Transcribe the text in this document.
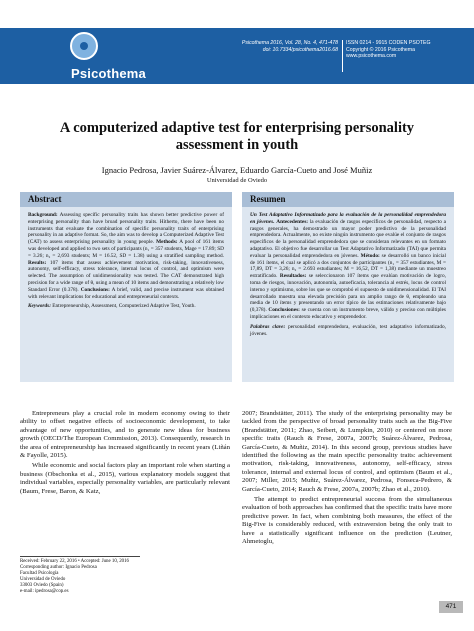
Psicothema
Psicothema 2016, Vol. 28, No. 4, 471-478
doi: 10.7334/psicothema2016.68
ISSN 0214 - 9915 CODEN PSOTEG
Copyright © 2016 Psicothema
www.psicothema.com
A computerized adaptive test for enterprising personality assessment in youth
Ignacio Pedrosa, Javier Suárez-Álvarez, Eduardo García-Cueto and José Muñiz
Universidad de Oviedo
Abstract

Background: Assessing specific personality traits has shown better predictive power of enterprising personality than have broad personality traits. Hitherto, there have been no instruments that evaluate the combination of specific personality traits of enterprising personality in an adaptive format. So, the aim was to develop a Computerized Adaptive Test (CAT) to assess enterprising personality in young people. Methods: A pool of 161 items was developed and applied to two sets of participants (n₁ = 357 students, Mage = 17.89; SD = 3.26; n₂ = 2,693 students; M = 16.52, SD = 1.38) using a stratified sampling method. Results: 107 items that assess achievement motivation, risk-taking, innovativeness, autonomy, self-efficacy, stress tolerance, internal locus of control, and optimism were selected. The assumption of unidimensionality was tested. The CAT demonstrated high precision for a wide range of θ, using a mean of 10 items and demonstrating a relatively low Standard Error (0.378). Conclusions: A brief, valid, and precise instrument was obtained with relevant implications for educational and entrepreneurial contexts.

Keywords: Entrepreneurship, Assessment, Computerized Adaptive Test, Youth.

Resumen

Un Test Adaptativo Informatizado para la evaluación de la personalidad emprendedora en jóvenes. Antecedentes: la evaluación de rasgos específicos de personalidad, respecto a rasgos generales, ha demostrado un mayor poder predictivo de la personalidad emprendedora. Actualmente, no existe ningún instrumento que evalúe el conjunto de rasgos específicos de la personalidad emprendedora que se consideran relevantes en un formato adaptativo. El objetivo fue desarrollar un Test Adaptativo Informatizado (TAI) que permita evaluar la personalidad emprendedora en jóvenes. Método: se desarrolló un banco inicial de 161 ítems, el cual se aplicó a dos conjuntos de participantes (n₁ = 357 estudiantes, M = 17,89, DT = 3,26; n₂ = 2.693 estudiantes; M = 16,52, DT = 1,38) mediante un muestreo estratificado. Resultados: se seleccionaron 107 ítems que evalúan motivación de logro, toma de riesgos, innovación, autonomía, autoeficacia, tolerancia al estrés, locus de control interno y optimismo, sobre los que se comprobó el supuesto de unidimensionalidad. El TAI desarrollado muestra una elevada precisión para un amplio rango de θ, empleando una media de 10 ítems y presentando un error típico de las estimaciones relativamente bajo (0,378). Conclusiones: se cuenta con un instrumento breve, válido y preciso con múltiples implicaciones en el contexto educativo y emprendedor.

Palabras clave: personalidad emprendedora, evaluación, test adaptativo informatizado, jóvenes.

Entrepreneurs play a crucial role in modern economy owing to their ability to offset negative effects of socioeconomic development, to take advantage of new opportunities, and to generate new ideas for business growth (OECD/The European Commission, 2013). Consequently, research in the area of entrepreneurship has increased significantly in recent years (Liñán & Fayolle, 2015).

While economic and social factors play an important role when starting a business (Obschonka et al., 2015), various explanatory models suggest that individual variables, especially personality variables, are particularly relevant (Baum, Frese, Baron, & Katz,

2007; Brandstätter, 2011). The study of the enterprising personality may be tackled from the perspective of broad personality traits such as the Big-Five (Brandstätter, 2011; Zhao, Seibert, & Lumpkin, 2010) or centered on more specific traits (Rauch & Frese, 2007a, 2007b; Suárez-Álvarez, Pedrosa, García-Cueto, & Muñiz, 2014). In this second group, previous studies have identified the following as the main specific personality traits: achievement motivation, risk-taking, innovativeness, autonomy, self-efficacy, stress tolerance, internal and external locus of control, and optimism (Baum et al., 2007; Miller, 2015; Muñiz, Suárez-Álvarez, Pedrosa, Fonseca-Pedrero, & García-Cueto, 2014; Rauch & Frese, 2007a, 2007b; Zhao et al., 2010).

The attempt to predict entrepreneurial success from the simultaneous evaluation of both approaches has confirmed that the specific traits have more predictive power. In fact, when combining both measures, the effect of the Big-Five is considerably reduced, with extraversion being the only trait to have a statistically significant influence on the prediction (Leutner, Ahmetoglu,

Received: February 22, 2016 • Accepted: June 10, 2016
Corresponding author: Ignacio Pedrosa
Facultad Psicología
Universidad de Oviedo
33003 Oviedo (Spain)
e-mail: ipedrosa@cop.es
471
